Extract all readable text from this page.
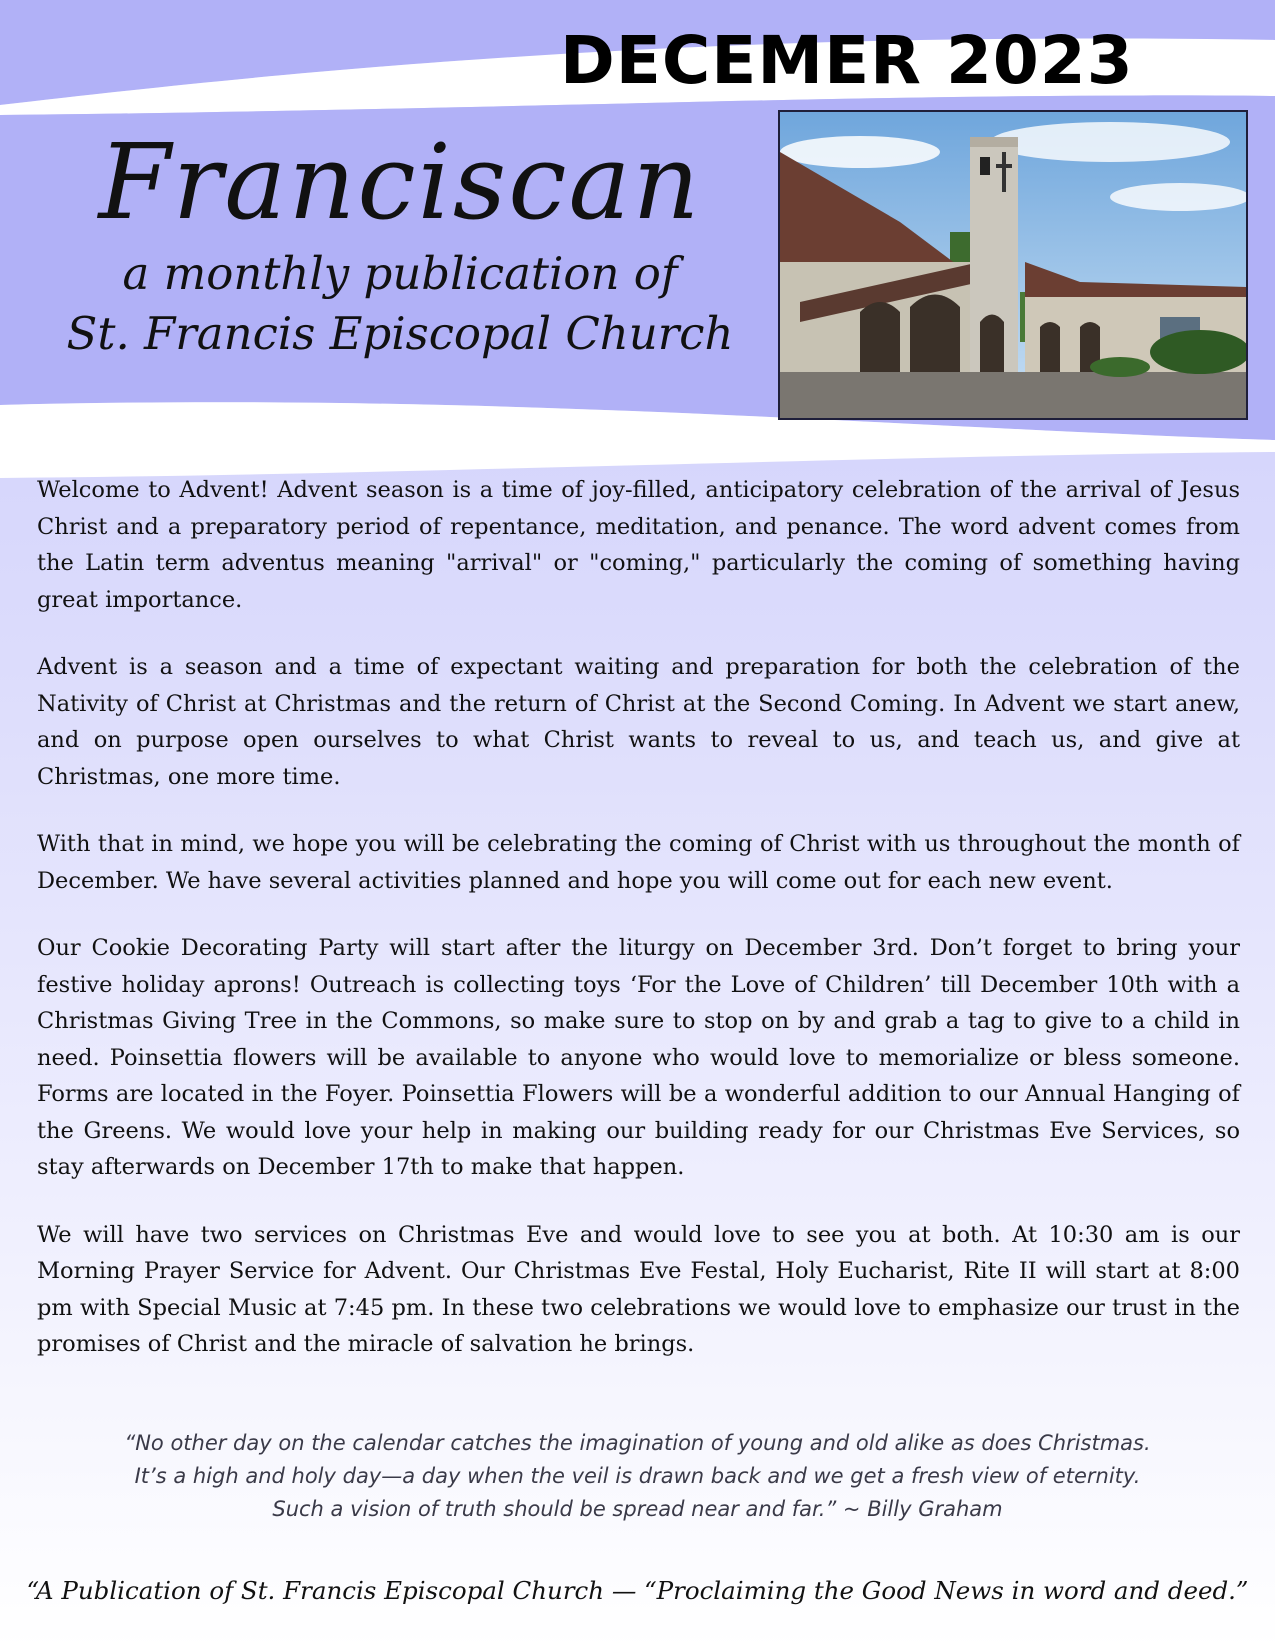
DECEMER 2023
Franciscan
a monthly publication of
St. Francis Episcopal Church

Welcome to Advent! Advent season is a time of joy-filled, anticipatory celebration of the arrival of Jesus Christ and a preparatory period of repentance, meditation, and penance. The word advent comes from the Latin term adventus meaning "arrival" or "coming," particularly the coming of something having great importance.

Advent is a season and a time of expectant waiting and preparation for both the celebration of the Nativity of Christ at Christmas and the return of Christ at the Second Coming. In Advent we start anew, and on purpose open ourselves to what Christ wants to reveal to us, and teach us, and give at Christmas, one more time.

With that in mind, we hope you will be celebrating the coming of Christ with us throughout the month of December. We have several activities planned and hope you will come out for each new event.

Our Cookie Decorating Party will start after the liturgy on December 3rd. Don’t forget to bring your festive holiday aprons! Outreach is collecting toys ‘For the Love of Children’ till December 10th with a Christmas Giving Tree in the Commons, so make sure to stop on by and grab a tag to give to a child in need. Poinsettia flowers will be available to anyone who would love to memorialize or bless someone. Forms are located in the Foyer. Poinsettia Flowers will be a wonderful addition to our Annual Hanging of the Greens. We would love your help in making our building ready for our Christmas Eve Services, so stay afterwards on December 17th to make that happen.

We will have two services on Christmas Eve and would love to see you at both. At 10:30 am is our Morning Prayer Service for Advent. Our Christmas Eve Festal, Holy Eucharist, Rite II will start at 8:00 pm with Special Music at 7:45 pm. In these two celebrations we would love to emphasize our trust in the promises of Christ and the miracle of salvation he brings.

“No other day on the calendar catches the imagination of young and old alike as does Christmas.
It’s a high and holy day—a day when the veil is drawn back and we get a fresh view of eternity.
Such a vision of truth should be spread near and far.” ~ Billy Graham
“A Publication of St. Francis Episcopal Church — “Proclaiming the Good News in word and deed.”
